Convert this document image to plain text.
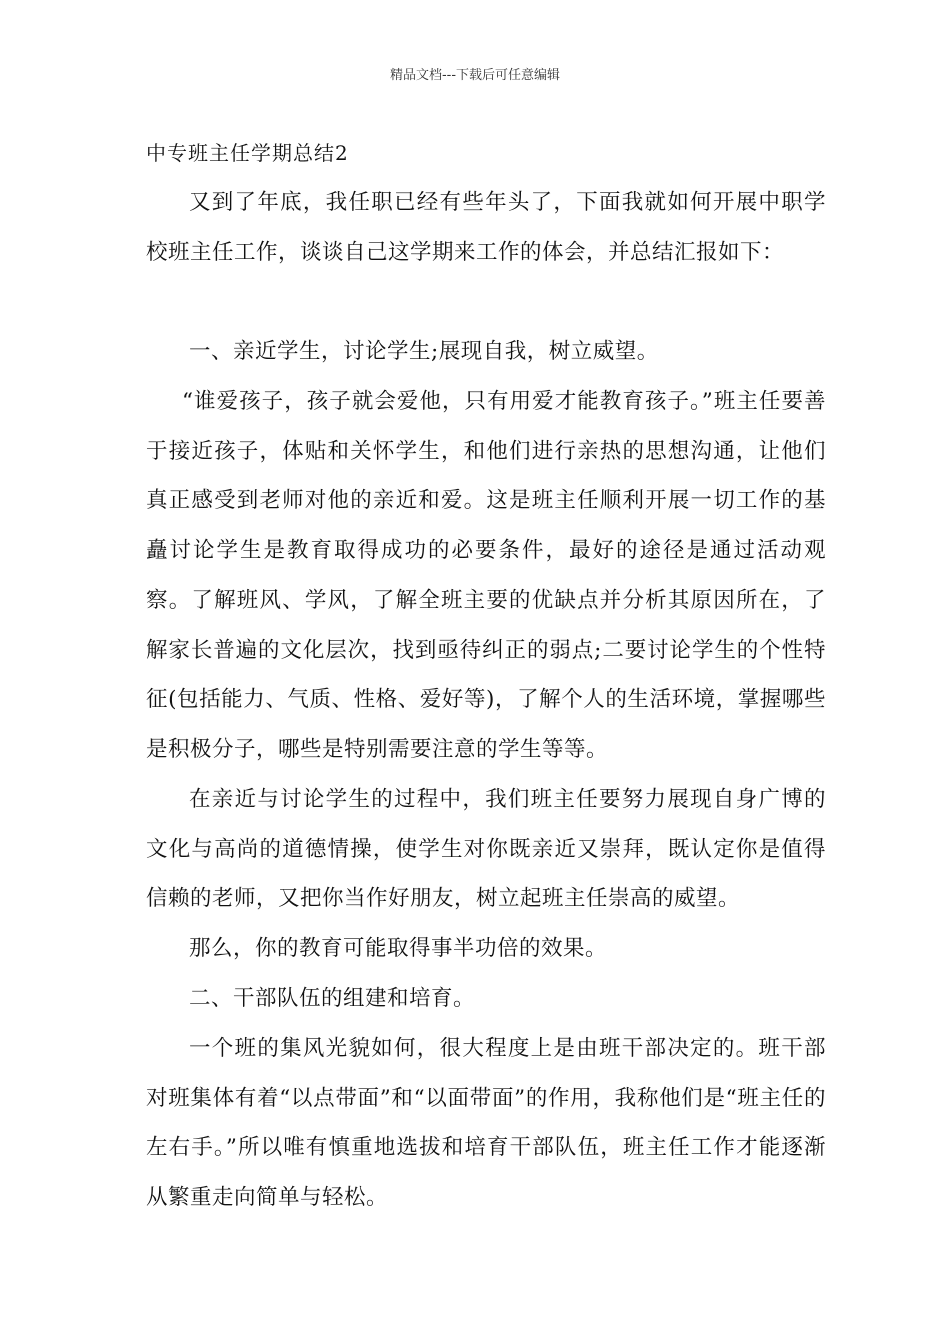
精品文档---下载后可任意编辑
中专班主任学期总结2

又到了年底，我任职已经有些年头了，下面我就如何开展中职学校班主任工作，谈谈自己这学期来工作的体会，并总结汇报如下：

一、亲近学生，讨论学生;展现自我，树立威望。

“谁爱孩子，孩子就会爱他，只有用爱才能教育孩子。”班主任要善于接近孩子，体贴和关怀学生，和他们进行亲热的思想沟通，让他们真正感受到老师对他的亲近和爱。这是班主任顺利开展一切工作的基矗讨论学生是教育取得成功的必要条件，最好的途径是通过活动观察。了解班风、学风，了解全班主要的优缺点并分析其原因所在，了解家长普遍的文化层次，找到亟待纠正的弱点;二要讨论学生的个性特征(包括能力、气质、性格、爱好等)，了解个人的生活环境，掌握哪些是积极分子，哪些是特别需要注意的学生等等。

在亲近与讨论学生的过程中，我们班主任要努力展现自身广博的文化与高尚的道德情操，使学生对你既亲近又崇拜，既认定你是值得信赖的老师，又把你当作好朋友，树立起班主任崇高的威望。

那么，你的教育可能取得事半功倍的效果。

二、干部队伍的组建和培育。

一个班的集风光貌如何，很大程度上是由班干部决定的。班干部对班集体有着“以点带面”和“以面带面”的作用，我称他们是“班主任的左右手。”所以唯有慎重地选拔和培育干部队伍，班主任工作才能逐渐从繁重走向简单与轻松。
